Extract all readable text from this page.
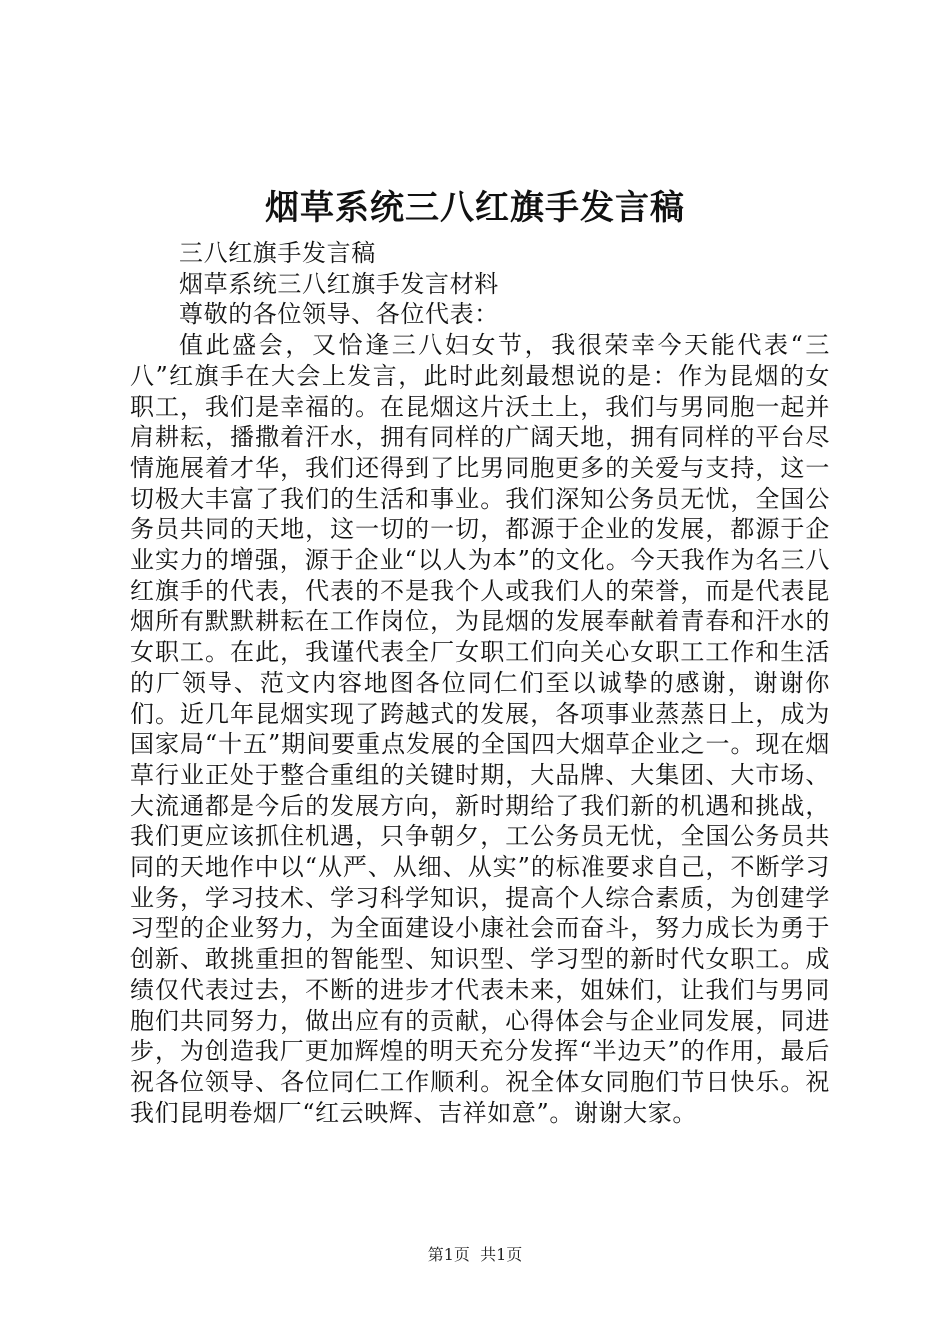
烟草系统三八红旗手发言稿

三八红旗手发言稿

烟草系统三八红旗手发言材料

尊敬的各位领导、各位代表：

值此盛会，又恰逢三八妇女节，我很荣幸今天能代表“三八”红旗手在大会上发言，此时此刻最想说的是：作为昆烟的女职工，我们是幸福的。在昆烟这片沃土上，我们与男同胞一起并肩耕耘，播撒着汗水，拥有同样的广阔天地，拥有同样的平台尽情施展着才华，我们还得到了比男同胞更多的关爱与支持，这一切极大丰富了我们的生活和事业。我们深知公务员无忧，全国公务员共同的天地，这一切的一切，都源于企业的发展，都源于企业实力的增强，源于企业“以人为本”的文化。今天我作为名三八红旗手的代表，代表的不是我个人或我们人的荣誉，而是代表昆烟所有默默耕耘在工作岗位，为昆烟的发展奉献着青春和汗水的女职工。在此，我谨代表全厂女职工们向关心女职工工作和生活的厂领导、范文内容地图各位同仁们至以诚挚的感谢，谢谢你们。近几年昆烟实现了跨越式的发展，各项事业蒸蒸日上，成为国家局“十五”期间要重点发展的全国四大烟草企业之一。现在烟草行业正处于整合重组的关键时期，大品牌、大集团、大市场、大流通都是今后的发展方向，新时期给了我们新的机遇和挑战，我们更应该抓住机遇，只争朝夕，工公务员无忧，全国公务员共同的天地作中以“从严、从细、从实”的标准要求自己，不断学习业务，学习技术、学习科学知识，提高个人综合素质，为创建学习型的企业努力，为全面建设小康社会而奋斗，努力成长为勇于创新、敢挑重担的智能型、知识型、学习型的新时代女职工。成绩仅代表过去，不断的进步才代表未来，姐妹们，让我们与男同胞们共同努力，做出应有的贡献，心得体会与企业同发展，同进步，为创造我厂更加辉煌的明天充分发挥“半边天”的作用，最后祝各位领导、各位同仁工作顺利。祝全体女同胞们节日快乐。祝我们昆明卷烟厂“红云映辉、吉祥如意”。谢谢大家。

第1页 共1页
